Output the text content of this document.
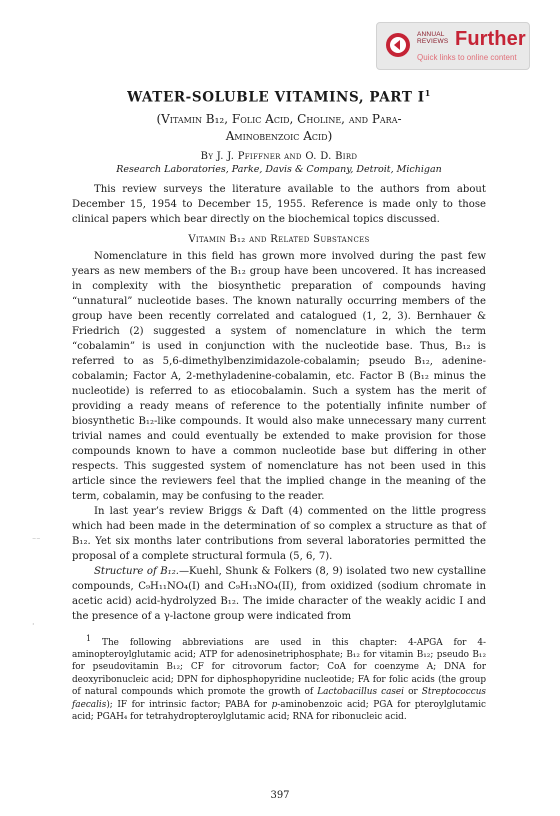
ANNUAL
REVIEWS Further
Quick links to online content
⁻⁻
·
WATER-SOLUBLE VITAMINS, PART $I^1$

(Vitamin B₁₂, Folic Acid, Choline, and Para-
Aminobenzoic Acid)

By J. J. Pfiffner and O. D. Bird

Research Laboratories, Parke, Davis & Company, Detroit, Michigan

This review surveys the literature available to the authors from about December 15, 1954 to December 15, 1955. Reference is made only to those clinical papers which bear directly on the biochemical topics discussed.

Vitamin B₁₂ and Related Substances

Nomenclature in this field has grown more involved during the past few years as new members of the B₁₂ group have been uncovered. It has increased in complexity with the biosynthetic preparation of compounds having “unnatural” nucleotide bases. The known naturally occurring members of the group have been recently correlated and catalogued (1, 2, 3). Bernhauer & Friedrich (2) suggested a system of nomenclature in which the term “cobalamin” is used in conjunction with the nucleotide base. Thus, B₁₂ is referred to as 5,6-dimethylbenzimidazole-cobalamin; pseudo B₁₂, adenine-cobalamin; Factor A, 2-methyladenine-cobalamin, etc. Factor B (B₁₂ minus the nucleotide) is referred to as etiocobalamin. Such a system has the merit of providing a ready means of reference to the potentially infinite number of biosynthetic B₁₂-like compounds. It would also make unnecessary many current trivial names and could eventually be extended to make provision for those compounds known to have a common nucleotide base but differing in other respects. This suggested system of nomenclature has not been used in this article since the reviewers feel that the implied change in the meaning of the term, cobalamin, may be confusing to the reader.

In last year’s review Briggs & Daft (4) commented on the little progress which had been made in the determination of so complex a structure as that of B₁₂. Yet six months later contributions from several laboratories permitted the proposal of a complete structural formula (5, 6, 7).

Structure of B₁₂.—Kuehl, Shunk & Folkers (8, 9) isolated two new cystalline compounds, C₉H₁₁NO₄(I) and C₉H₁₃NO₄(II), from oxidized (sodium chromate in acetic acid) acid-hydrolyzed B₁₂. The imide character of the weakly acidic I and the presence of a γ-lactone group were indicated from

$^1$ The following abbreviations are used in this chapter: 4-APGA for 4-aminopteroylglutamic acid; ATP for adenosinetriphosphate; B₁₂ for vitamin B₁₂; pseudo B₁₂ for pseudovitamin B₁₂; CF for citrovorum factor; CoA for coenzyme A; DNA for deoxyribonucleic acid; DPN for diphosphopyridine nucleotide; FA for folic acids (the group of natural compounds which promote the growth of Lactobacillus casei or Streptococcus faecalis); IF for intrinsic factor; PABA for p-aminobenzoic acid; PGA for pteroylglutamic acid; PGAH₄ for tetrahydropteroylglutamic acid; RNA for ribonucleic acid.

397
